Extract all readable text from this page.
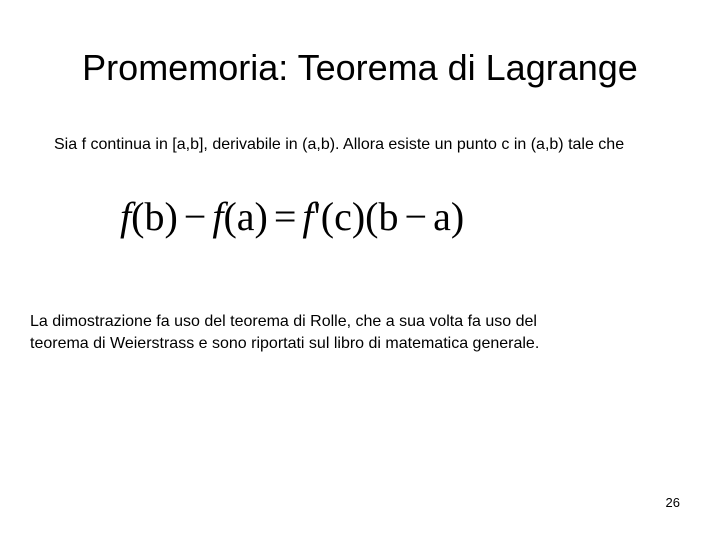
Promemoria: Teorema di Lagrange
Sia f continua in [a,b], derivabile in (a,b). Allora esiste un punto c in (a,b) tale che
f(b) − f(a) = f'(c)(b − a)
La dimostrazione fa uso del teorema di Rolle, che a sua volta fa uso del
teorema di Weierstrass e sono riportati sul libro di matematica generale.
26
